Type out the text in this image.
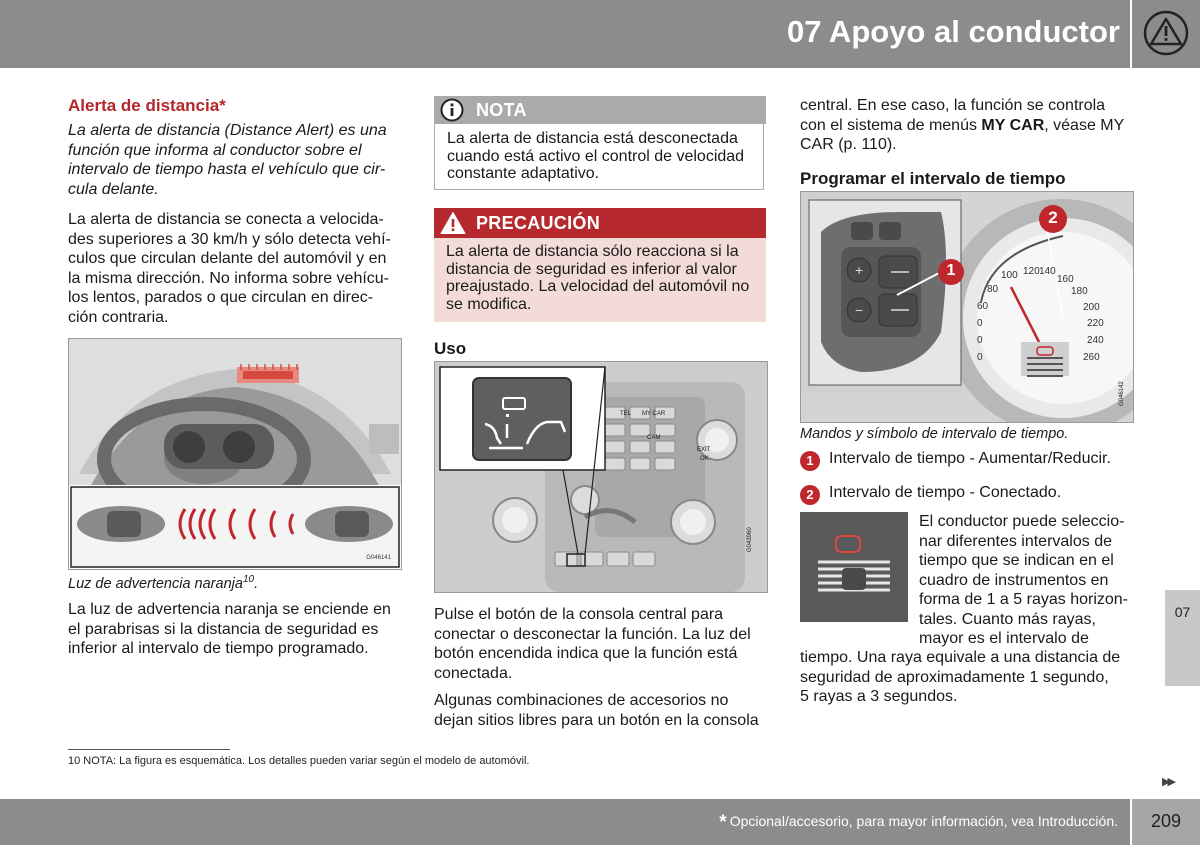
07 Apoyo al conductor
Alerta de distancia*
La alerta de distancia (Distance Alert) es una
función que informa al conductor sobre el
intervalo de tiempo hasta el vehículo que cir-
cula delante.
La alerta de distancia se conecta a velocida-
des superiores a 30 km/h y sólo detecta vehí-
culos que circulan delante del automóvil y en
la misma dirección. No informa sobre vehícu-
los lentos, parados o que circulan en direc-
ción contraria.
G046141
Luz de advertencia naranja$^{10}$.
La luz de advertencia naranja se enciende en
el parabrisas si la distancia de seguridad es
inferior al intervalo de tiempo programado.
NOTA
La alerta de distancia está desconectada
cuando está activo el control de velocidad
constante adaptativo.
PRECAUCIÓN
La alerta de distancia sólo reacciona si la
distancia de seguridad es inferior al valor
preajustado. La velocidad del automóvil no
se modifica.
Uso
TEL MY CAR
CAM
EXIT
OK
G043960
Pulse el botón de la consola central para
conectar o desconectar la función. La luz del
botón encendida indica que la función está
conectada.
Algunas combinaciones de accesorios no
dejan sitios libres para un botón en la consola
central. En ese caso, la función se controla
con el sistema de menús MY CAR, véase MY
CAR (p. 110).
Programar el intervalo de tiempo
+
−
1
2
100 120 140
160
180
200
220
240
260
80
60
0
0
0
G046142
Mandos y símbolo de intervalo de tiempo.
1 Intervalo de tiempo - Aumentar/Reducir.
2 Intervalo de tiempo - Conectado.
El conductor puede seleccio-
nar diferentes intervalos de
tiempo que se indican en el
cuadro de instrumentos en
forma de 1 a 5 rayas horizon-
tales. Cuanto más rayas,
mayor es el intervalo de
tiempo. Una raya equivale a una distancia de
seguridad de aproximadamente 1 segundo,
5 rayas a 3 segundos.
07
10 NOTA: La figura es esquemática. Los detalles pueden variar según el modelo de automóvil.
▶▶
* Opcional/accesorio, para mayor información, vea Introducción.	209
